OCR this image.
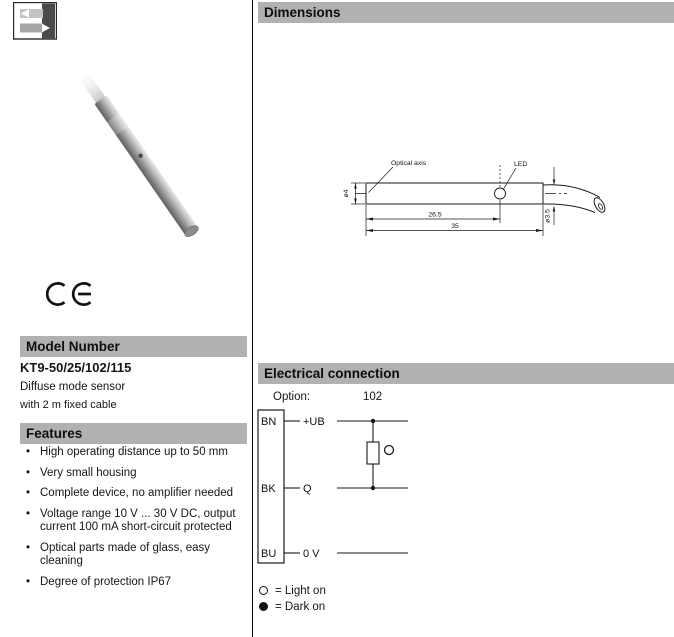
Model Number
KT9-50/25/102/115
Diffuse mode sensor
with 2 m fixed cable
Features
• High operating distance up to 50 mm
• Very small housing
• Complete device, no amplifier needed
• Voltage range 10 V ... 30 V DC, output current 100 mA short-circuit protected
• Optical parts made of glass, easy cleaning
• Degree of protection IP67
Dimensions
Optical axis	LED
ø4
26.5
35
ø3.5
Electrical connection
Option:	102
BN
BK
BU
+UB
Q
0 V
= Light on
= Dark on
